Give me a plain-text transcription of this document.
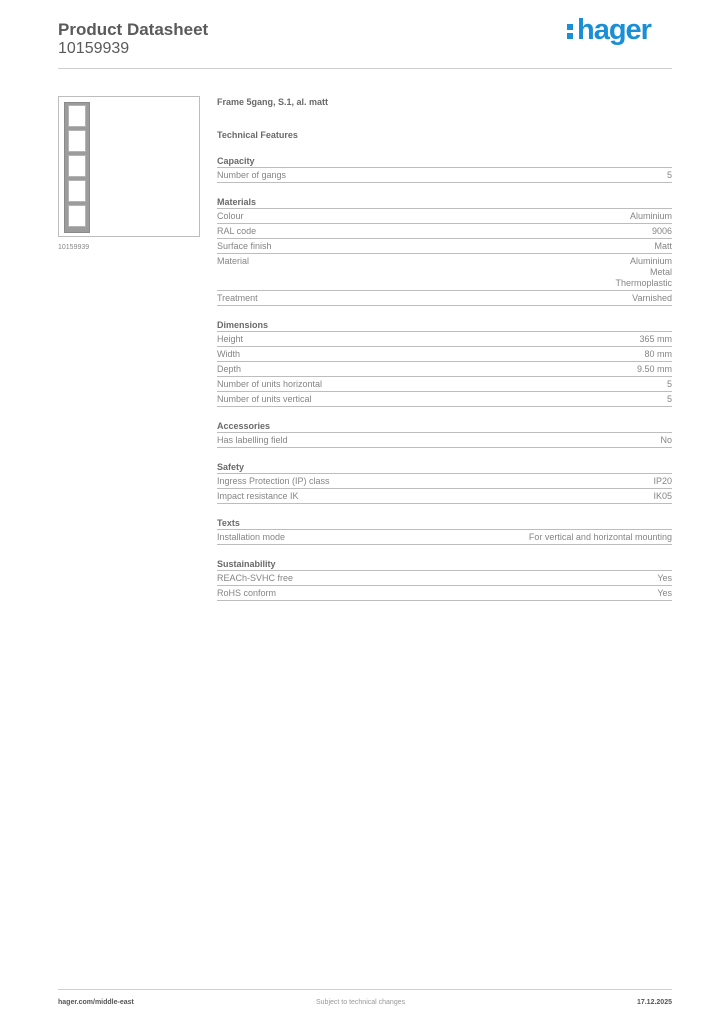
Product Datasheet
10159939
hager
10159939
Frame 5gang, S.1, al. matt
Technical Features
Capacity
Number of gangs	5
Materials
Colour	Aluminium
RAL code	9006
Surface finish	Matt
Material	Aluminium
Metal
Thermoplastic
Treatment	Varnished
Dimensions
Height	365 mm
Width	80 mm
Depth	9.50 mm
Number of units horizontal	5
Number of units vertical	5
Accessories
Has labelling field	No
Safety
Ingress Protection (IP) class	IP20
Impact resistance IK	IK05
Texts
Installation mode	For vertical and horizontal mounting
Sustainability
REACh-SVHC free	Yes
RoHS conform	Yes
hager.com/middle-east	Subject to technical changes	17.12.2025
